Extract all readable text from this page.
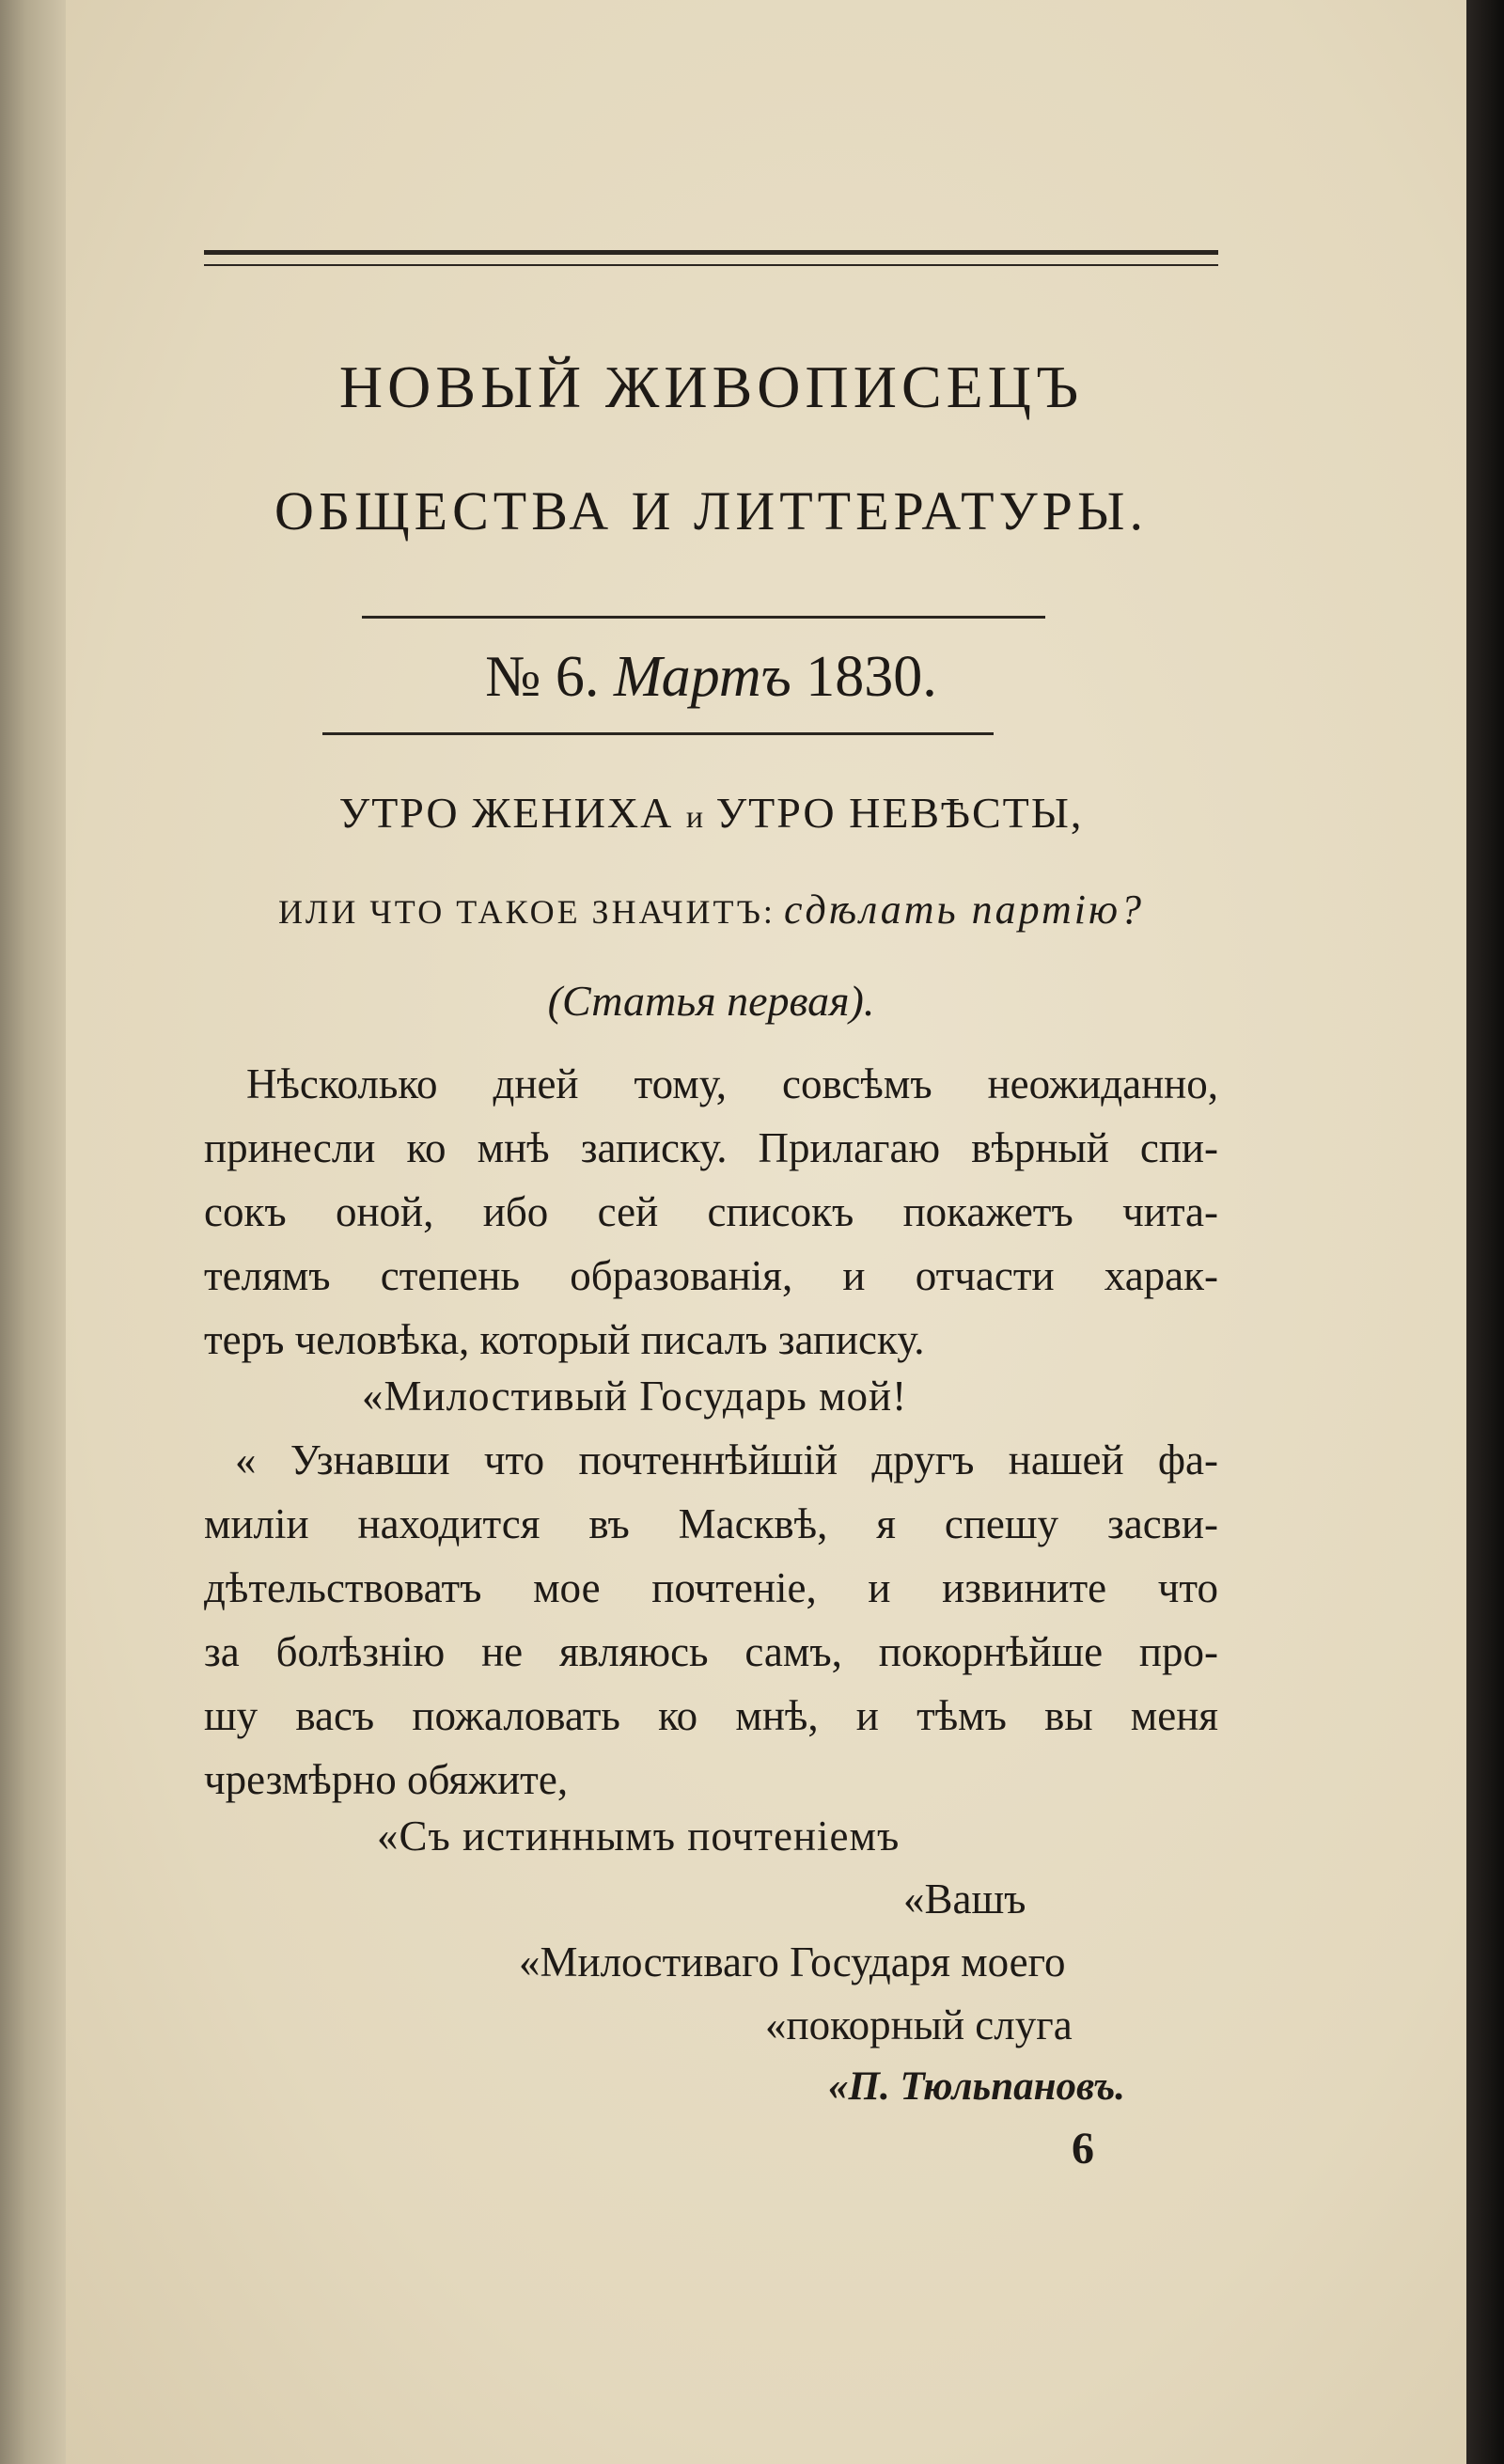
НОВЫЙ ЖИВОПИСЕЦЪ
ОБЩЕСТВА И ЛИТТЕРАТУРЫ.
№ 6. Мартъ 1830.
УТРО ЖЕНИХА и УТРО НЕВѢСТЫ,
ИЛИ ЧТО ТАКОЕ ЗНАЧИТЪ: сдѣлать партію?
(Статья первая).
Нѣсколько дней тому, совсѣмъ неожиданно,
принесли ко мнѣ записку. Прилагаю вѣрный спи-
сокъ оной, ибо сей списокъ покажетъ чита-
телямъ степень образованія, и отчасти харак-
теръ человѣка, который писалъ записку.
«Милостивый Государь мой!
« Узнавши что почтеннѣйшій другъ нашей фа-
миліи находится въ Масквѣ, я спешу засви-
дѣтельствоватъ мое почтеніе, и извините что
за болѣзнію не являюсь самъ, покорнѣйше про-
шу васъ пожаловать ко мнѣ, и тѣмъ вы меня
чрезмѣрно обяжите,
«Съ истиннымъ почтеніемъ
«Вашъ
«Милостиваго Государя моего
«покорный слуга
«П. Тюльпановъ.
6
